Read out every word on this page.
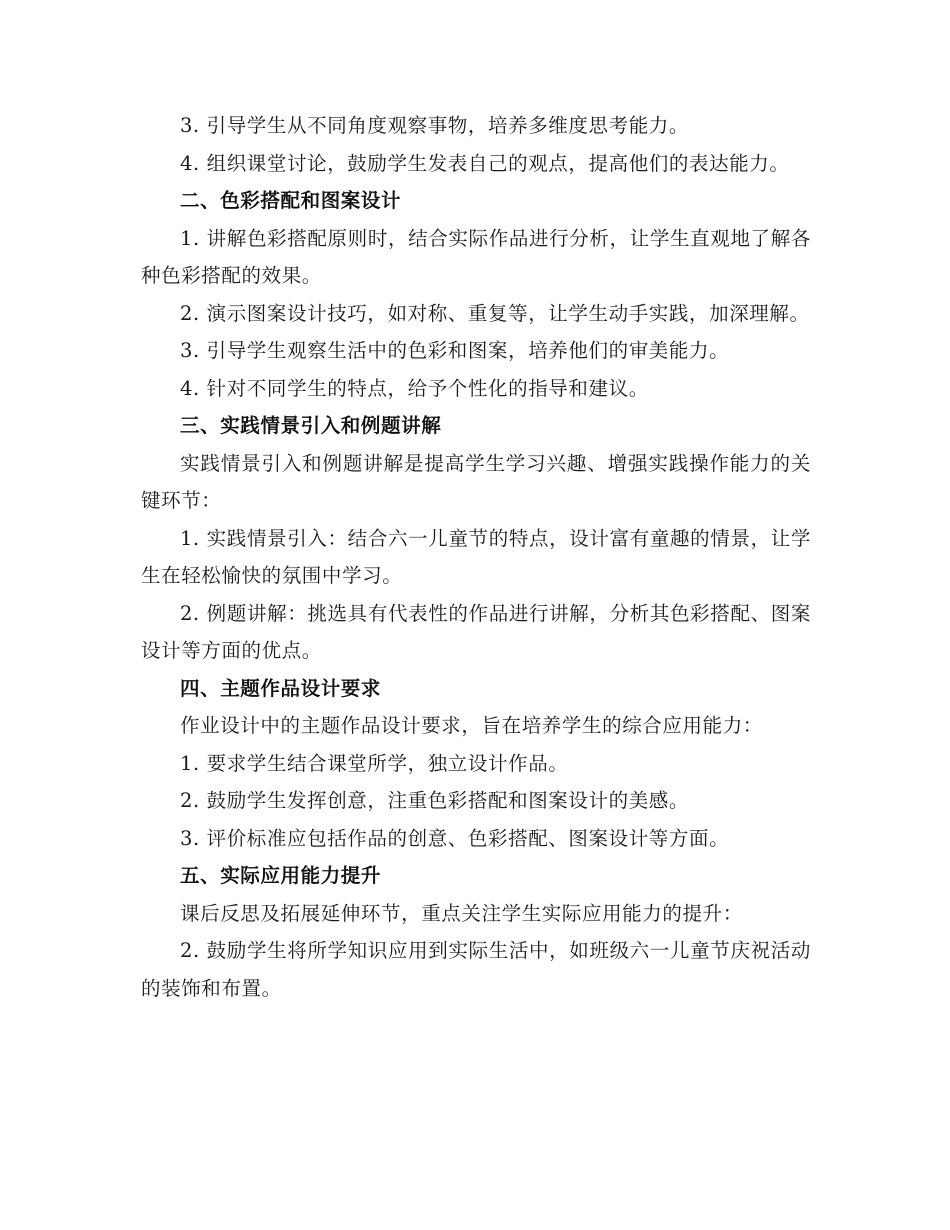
3. 引导学生从不同角度观察事物，培养多维度思考能力。

4. 组织课堂讨论，鼓励学生发表自己的观点，提高他们的表达能力。

二、色彩搭配和图案设计

1. 讲解色彩搭配原则时，结合实际作品进行分析，让学生直观地了解各种色彩搭配的效果。

2. 演示图案设计技巧，如对称、重复等，让学生动手实践，加深理解。

3. 引导学生观察生活中的色彩和图案，培养他们的审美能力。

4. 针对不同学生的特点，给予个性化的指导和建议。

三、实践情景引入和例题讲解

实践情景引入和例题讲解是提高学生学习兴趣、增强实践操作能力的关键环节：

1. 实践情景引入：结合六一儿童节的特点，设计富有童趣的情景，让学生在轻松愉快的氛围中学习。

2. 例题讲解：挑选具有代表性的作品进行讲解，分析其色彩搭配、图案设计等方面的优点。

四、主题作品设计要求

作业设计中的主题作品设计要求，旨在培养学生的综合应用能力：

1. 要求学生结合课堂所学，独立设计作品。

2. 鼓励学生发挥创意，注重色彩搭配和图案设计的美感。

3. 评价标准应包括作品的创意、色彩搭配、图案设计等方面。

五、实际应用能力提升

课后反思及拓展延伸环节，重点关注学生实际应用能力的提升：

2. 鼓励学生将所学知识应用到实际生活中，如班级六一儿童节庆祝活动的装饰和布置。
